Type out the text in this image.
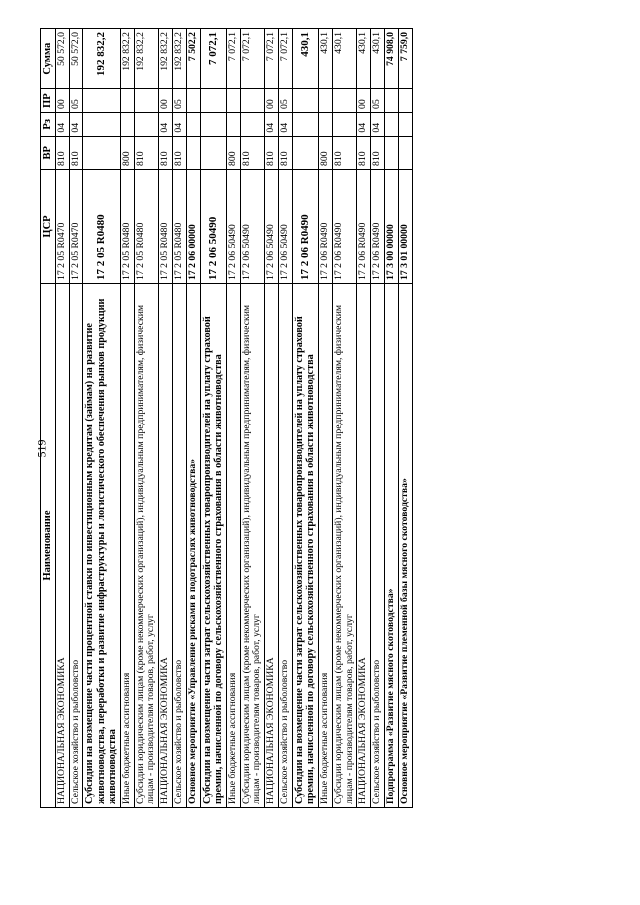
519
Наименование	ЦСР	ВР	Рз	ПР	Сумма
НАЦИОНАЛЬНАЯ ЭКОНОМИКА	17 2 05 R0470	810	04	00	50 572,0
Сельское хозяйство и рыболовство	17 2 05 R0470	810	04	05	50 572,0
Субсидии на возмещение части процентной ставки по инвестиционным кредитам (займам) на развитие животноводства, переработки и развитие инфраструктуры и логистического обеспечения рынков продукции животноводства	17 2 05 R0480				192 832,2
Иные бюджетные ассигнования	17 2 05 R0480	800			192 832,2
Субсидии юридическим лицам (кроме некоммерческих организаций), индивидуальным предпринимателям, физическим лицам - производителям товаров, работ, услуг	17 2 05 R0480	810			192 832,2
НАЦИОНАЛЬНАЯ ЭКОНОМИКА	17 2 05 R0480	810	04	00	192 832,2
Сельское хозяйство и рыболовство	17 2 05 R0480	810	04	05	192 832,2
Основное мероприятие «Управление рисками в подотраслях животноводства»	17 2 06 00000				7 502,2
Субсидии на возмещение части затрат сельскохозяйственных товаропроизводителей на уплату страховой премии, начисленной по договору сельскохозяйственного страхования в области животноводства	17 2 06 50490				7 072,1
Иные бюджетные ассигнования	17 2 06 50490	800			7 072,1
Субсидии юридическим лицам (кроме некоммерческих организаций), индивидуальным предпринимателям, физическим лицам - производителям товаров, работ, услуг	17 2 06 50490	810			7 072,1
НАЦИОНАЛЬНАЯ ЭКОНОМИКА	17 2 06 50490	810	04	00	7 072,1
Сельское хозяйство и рыболовство	17 2 06 50490	810	04	05	7 072,1
Субсидии на возмещение части затрат сельскохозяйственных товаропроизводителей на уплату страховой премии, начисленной по договору сельскохозяйственного страхования в области животноводства	17 2 06 R0490				430,1
Иные бюджетные ассигнования	17 2 06 R0490	800			430,1
Субсидии юридическим лицам (кроме некоммерческих организаций), индивидуальным предпринимателям, физическим лицам - производителям товаров, работ, услуг	17 2 06 R0490	810			430,1
НАЦИОНАЛЬНАЯ ЭКОНОМИКА	17 2 06 R0490	810	04	00	430,1
Сельское хозяйство и рыболовство	17 2 06 R0490	810	04	05	430,1
Подпрограмма «Развитие мясного скотоводства»	17 3 00 00000				74 908,0
Основное мероприятие «Развитие племенной базы мясного скотоводства»	17 3 01 00000				7 759,0
